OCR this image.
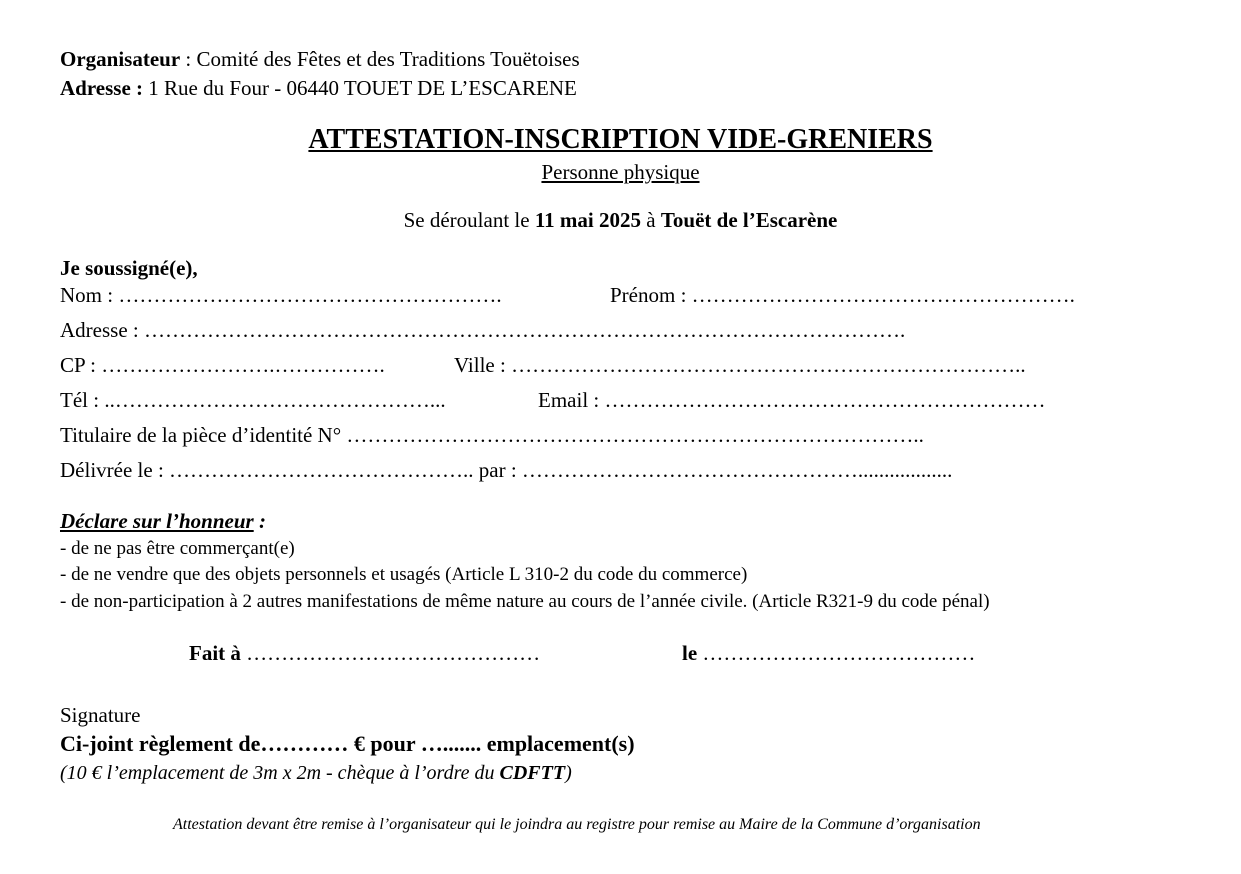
Organisateur : Comité des Fêtes et des Traditions Touëtoises
Adresse : 1 Rue du Four - 06440 TOUET DE L’ESCARENE
ATTESTATION-INSCRIPTION VIDE-GRENIERS
Personne physique
Se déroulant le 11 mai 2025 à Touët de l’Escarène
Je soussigné(e),
Nom : ……………………………………………….	Prénom : ……………………………………………….
Adresse : ……………………………………………………………………………………………….
CP : …………………….…………….	Ville : ………………………………………………………………..
Tél : ..………………………………………...	Email : ………………………………………………………
Titulaire de la pièce d’identité N° ………………………………………………………………………..
Délivrée le : …………………………………….. par : …………………………………………..................
Déclare sur l’honneur :
- de ne pas être commerçant(e)
- de ne vendre que des objets personnels et usagés (Article L 310-2 du code du commerce)
- de non-participation à 2 autres manifestations de même nature au cours de l’année civile. (Article R321-9 du code pénal)
Fait à ……………………………………	le …………………………………
Signature
Ci-joint règlement de………… € pour …....... emplacement(s)
(10 € l’emplacement de 3m x 2m - chèque à l’ordre du CDFTT)
Attestation devant être remise à l’organisateur qui le joindra au registre pour remise au Maire de la Commune d’organisation
